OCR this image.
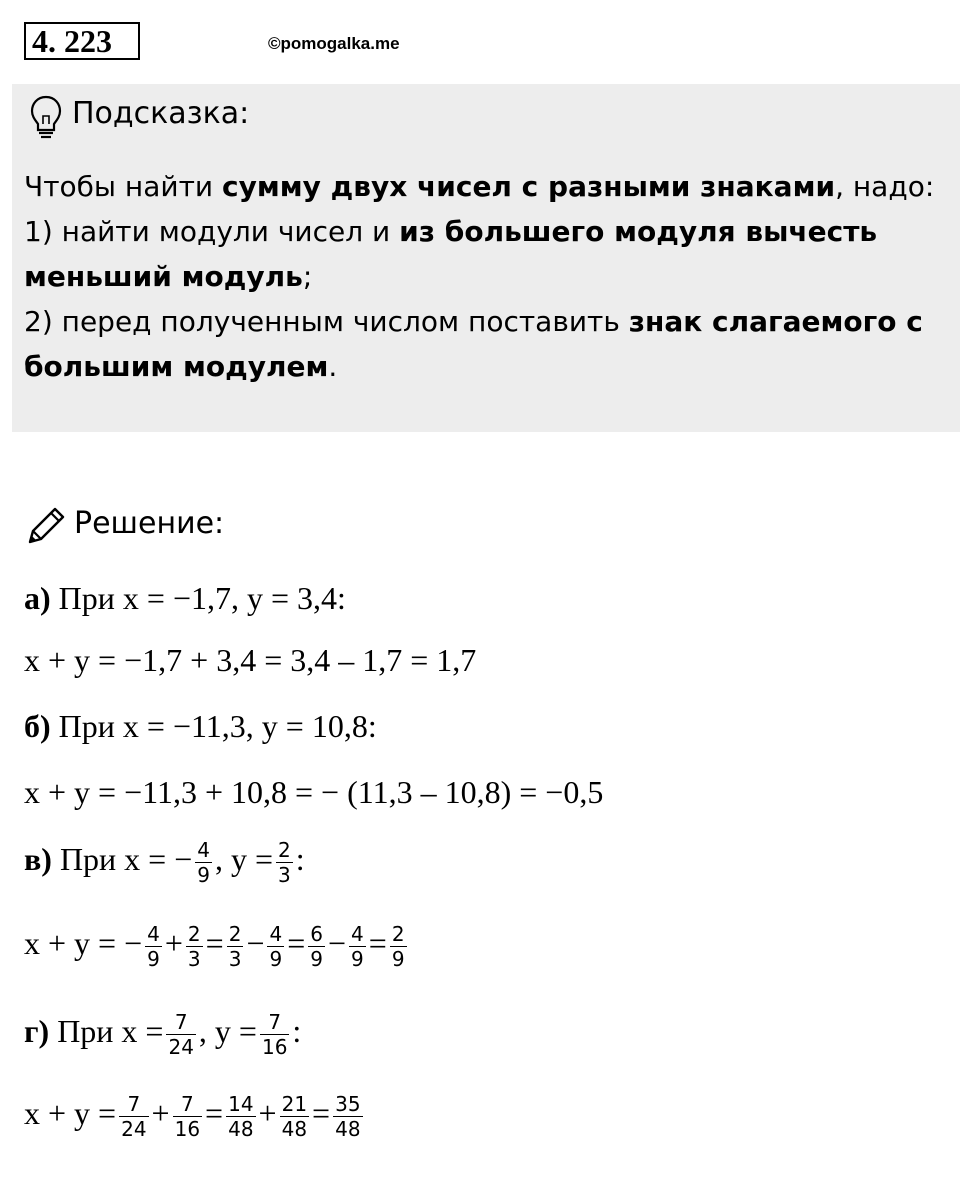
4. 223	©pomogalka.me
Подсказка:
Чтобы найти сумму двух чисел с разными знаками, надо:
1) найти модули чисел и из большего модуля вычесть меньший модуль;
2) перед полученным числом поставить знак слагаемого с большим модулем.
Решение:
а) При x = −1,7, y = 3,4:
x + y = −1,7 + 3,4 = 3,4 – 1,7 = 1,7
б) При x = −11,3, y = 10,8:
x + y = −11,3 + 10,8 = − (11,3 – 10,8) = −0,5
в) При x = − $\frac{4}{9}$ , $y = \frac{2}{3}$ :
x + y = − $\frac{4}{9} + \frac{2}{3} = \frac{2}{3} - \frac{4}{9} = \frac{6}{9} - \frac{4}{9} = \frac{2}{9}$
г) При $x = \frac{7}{24}$ , $y = \frac{7}{16}$ :
$x + y = \frac{7}{24} + \frac{7}{16} = \frac{14}{48} + \frac{21}{48} = \frac{35}{48}$
